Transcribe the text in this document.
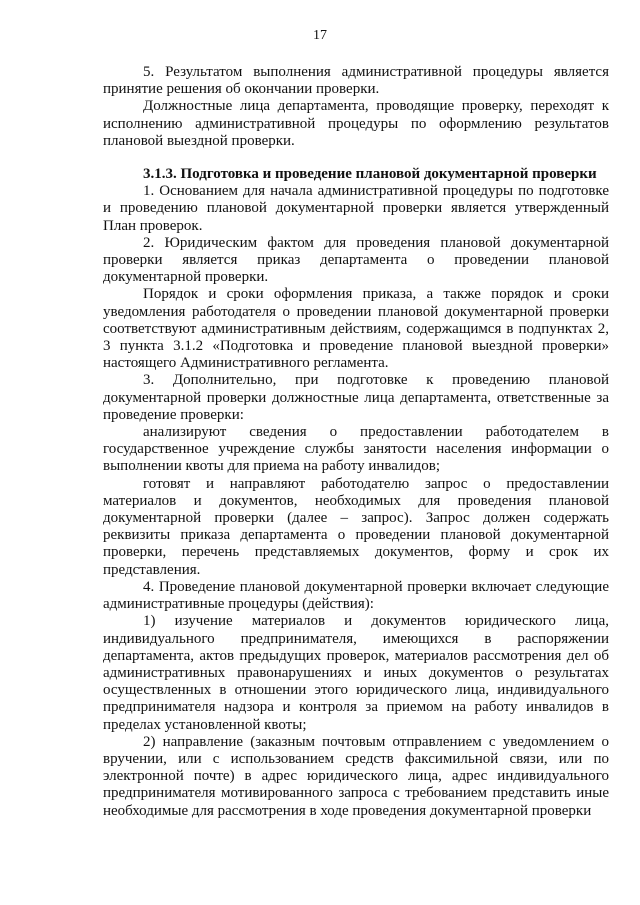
17

5. Результатом выполнения административной процедуры является принятие решения об окончании проверки.

Должностные лица департамента, проводящие проверку, переходят к исполнению административной процедуры по оформлению результатов плановой выездной проверки.

3.1.3. Подготовка и проведение плановой документарной проверки

1. Основанием для начала административной процедуры по подготовке и проведению плановой документарной проверки является утвержденный План проверок.

2. Юридическим фактом для проведения плановой документарной проверки является приказ департамента о проведении плановой документарной проверки.

Порядок и сроки оформления приказа, а также порядок и сроки уведомления работодателя о проведении плановой документарной проверки соответствуют административным действиям, содержащимся в подпунктах 2, 3 пункта 3.1.2 «Подготовка и проведение плановой выездной проверки» настоящего Административного регламента.

3. Дополнительно, при подготовке к проведению плановой документарной проверки должностные лица департамента, ответственные за проведение проверки:

анализируют сведения о предоставлении работодателем в государственное учреждение службы занятости населения информации о выполнении квоты для приема на работу инвалидов;

готовят и направляют работодателю запрос о предоставлении материалов и документов, необходимых для проведения плановой документарной проверки (далее – запрос). Запрос должен содержать реквизиты приказа департамента о проведении плановой документарной проверки, перечень представляемых документов, форму и срок их представления.

4. Проведение плановой документарной проверки включает следующие административные процедуры (действия):

1) изучение материалов и документов юридического лица, индивидуального предпринимателя, имеющихся в распоряжении департамента, актов предыдущих проверок, материалов рассмотрения дел об административных правонарушениях и иных документов о результатах осуществленных в отношении этого юридического лица, индивидуального предпринимателя надзора и контроля за приемом на работу инвалидов в пределах установленной квоты;

2) направление (заказным почтовым отправлением с уведомлением о вручении, или с использованием средств факсимильной связи, или по электронной почте) в адрес юридического лица, адрес индивидуального предпринимателя мотивированного запроса с требованием представить иные необходимые для рассмотрения в ходе проведения документарной проверки
